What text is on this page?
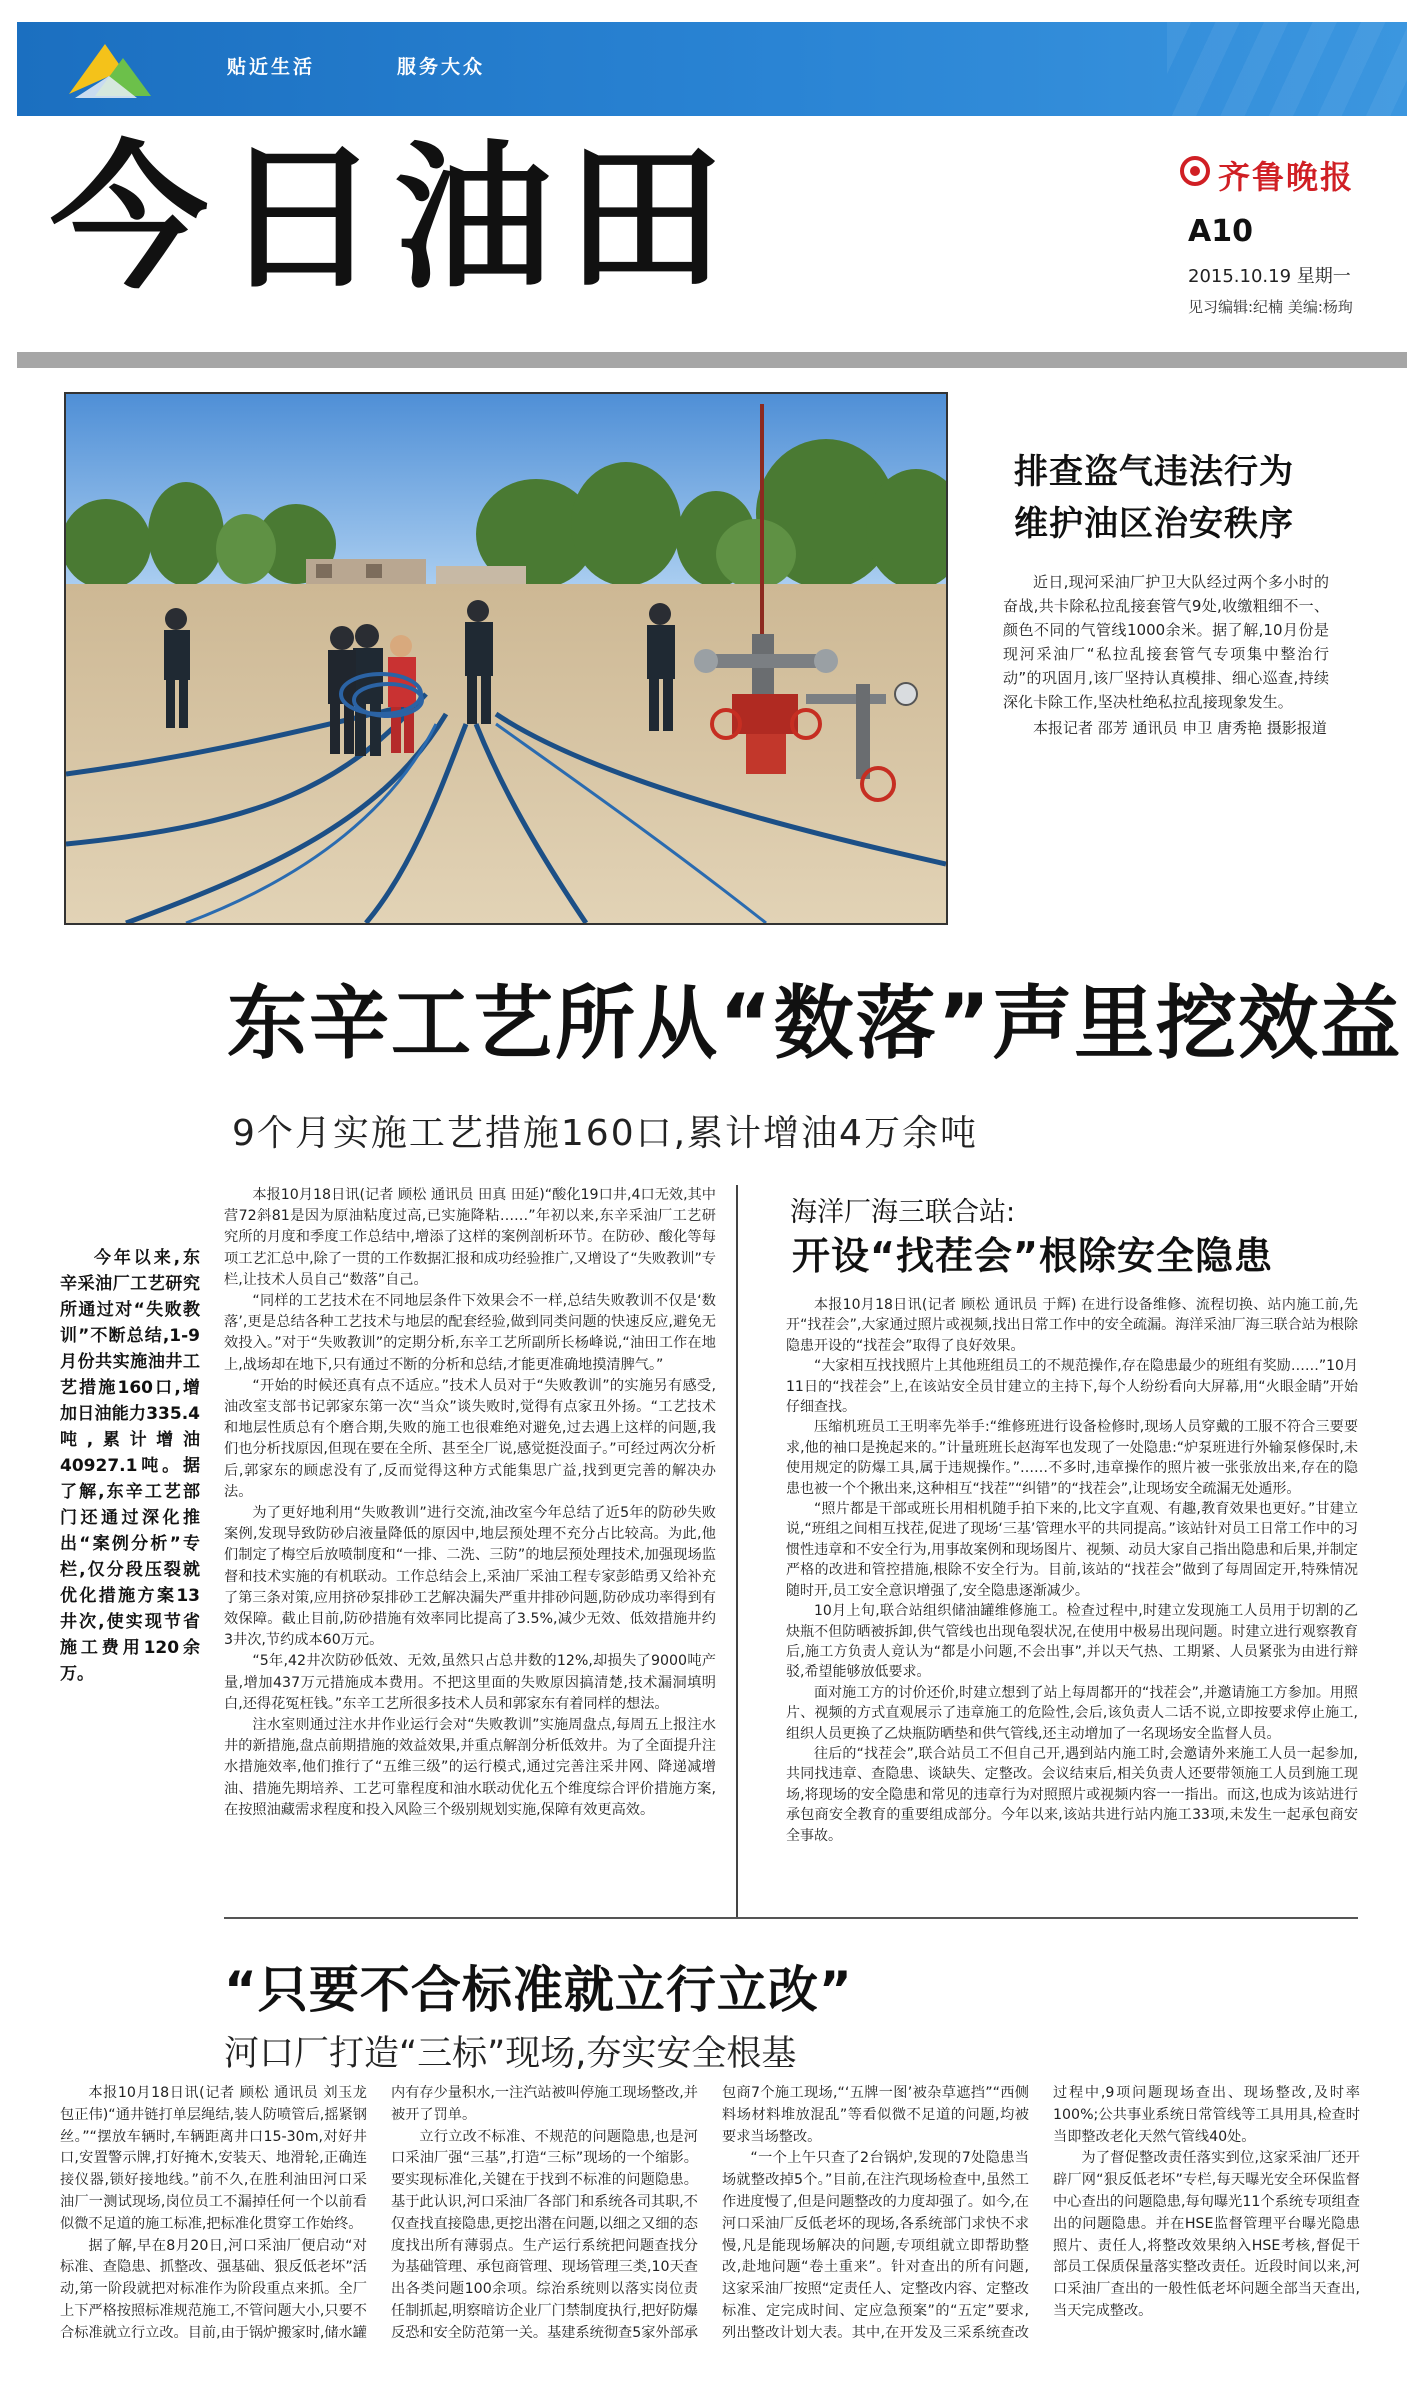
贴近生活	服务大众
今日油田	齐鲁晚报
A10
2015.10.19 星期一
见习编辑:纪楠 美编:杨珣
排查盗气违法行为
维护油区治安秩序

近日,现河采油厂护卫大队经过两个多小时的奋战,共卡除私拉乱接套管气9处,收缴粗细不一、颜色不同的气管线1000余米。据了解,10月份是现河采油厂“私拉乱接套管气专项集中整治行动”的巩固月,该厂坚持认真模排、细心巡查,持续深化卡除工作,坚决杜绝私拉乱接现象发生。

本报记者 邵芳 通讯员 申卫 唐秀艳 摄影报道

东辛工艺所从“数落”声里挖效益
9个月实施工艺措施160口,累计增油4万余吨

今年以来,东辛采油厂工艺研究所通过对“失败教训”不断总结,1-9月份共实施油井工艺措施160口,增加日油能力335.4吨,累计增油40927.1吨。据了解,东辛工艺部门还通过深化推出“案例分析”专栏,仅分段压裂就优化措施方案13井次,使实现节省施工费用120余万。

本报10月18日讯(记者 顾松 通讯员 田真 田延)“酸化19口井,4口无效,其中营72斜81是因为原油粘度过高,已实施降粘……”年初以来,东辛采油厂工艺研究所的月度和季度工作总结中,增添了这样的案例剖析环节。在防砂、酸化等每项工艺汇总中,除了一贯的工作数据汇报和成功经验推广,又增设了“失败教训”专栏,让技术人员自己“数落”自己。

“同样的工艺技术在不同地层条件下效果会不一样,总结失败教训不仅是‘数落’,更是总结各种工艺技术与地层的配套经验,做到同类问题的快速反应,避免无效投入。”对于“失败教训”的定期分析,东辛工艺所副所长杨峰说,“油田工作在地上,战场却在地下,只有通过不断的分析和总结,才能更准确地摸清脾气。”

“开始的时候还真有点不适应。”技术人员对于“失败教训”的实施另有感受,油改室支部书记郭家东第一次“当众”谈失败时,觉得有点家丑外扬。“工艺技术和地层性质总有个磨合期,失败的施工也很难绝对避免,过去遇上这样的问题,我们也分析找原因,但现在要在全所、甚至全厂说,感觉挺没面子。”可经过两次分析后,郭家东的顾虑没有了,反而觉得这种方式能集思广益,找到更完善的解决办法。

为了更好地利用“失败教训”进行交流,油改室今年总结了近5年的防砂失败案例,发现导致防砂启液量降低的原因中,地层预处理不充分占比较高。为此,他们制定了梅空后放喷制度和“一排、二洗、三防”的地层预处理技术,加强现场监督和技术实施的有机联动。工作总结会上,采油厂采油工程专家彭皓勇又给补充了第三条对策,应用挤砂泵排砂工艺解决漏失严重井排砂问题,防砂成功率得到有效保障。截止目前,防砂措施有效率同比提高了3.5%,减少无效、低效措施井约3井次,节约成本60万元。

“5年,42井次防砂低效、无效,虽然只占总井数的12%,却损失了9000吨产量,增加437万元措施成本费用。不把这里面的失败原因搞清楚,技术漏洞填明白,还得花冤枉钱。”东辛工艺所很多技术人员和郭家东有着同样的想法。

注水室则通过注水井作业运行会对“失败教训”实施周盘点,每周五上报注水井的新措施,盘点前期措施的效益效果,并重点解剖分析低效井。为了全面提升注水措施效率,他们推行了“五维三级”的运行模式,通过完善注采井网、降递减增油、措施先期培养、工艺可靠程度和油水联动优化五个维度综合评价措施方案,在按照油藏需求程度和投入风险三个级别规划实施,保障有效更高效。

海洋厂海三联合站:
开设“找茬会”根除安全隐患

本报10月18日讯(记者 顾松 通讯员 于辉) 在进行设备维修、流程切换、站内施工前,先开“找茬会”,大家通过照片或视频,找出日常工作中的安全疏漏。海洋采油厂海三联合站为根除隐患开设的“找茬会”取得了良好效果。

“大家相互找找照片上其他班组员工的不规范操作,存在隐患最少的班组有奖励……”10月11日的“找茬会”上,在该站安全员甘建立的主持下,每个人纷纷看向大屏幕,用“火眼金睛”开始仔细查找。

压缩机班员工王明率先举手:“维修班进行设备检修时,现场人员穿戴的工服不符合三要要求,他的袖口是挽起来的。”计量班班长赵海军也发现了一处隐患:“炉泵班进行外输泵修保时,未使用规定的防爆工具,属于违规操作。”……不多时,违章操作的照片被一张张放出来,存在的隐患也被一个个揪出来,这种相互“找茬”“纠错”的“找茬会”,让现场安全疏漏无处遁形。

“照片都是干部或班长用相机随手拍下来的,比文字直观、有趣,教育效果也更好。”甘建立说,“班组之间相互找茬,促进了现场‘三基’管理水平的共同提高。”该站针对员工日常工作中的习惯性违章和不安全行为,用事故案例和现场图片、视频、动员大家自己指出隐患和后果,并制定严格的改进和管控措施,根除不安全行为。目前,该站的“找茬会”做到了每周固定开,特殊情况随时开,员工安全意识增强了,安全隐患逐渐减少。

10月上旬,联合站组织储油罐维修施工。检查过程中,时建立发现施工人员用于切割的乙炔瓶不但防晒被拆卸,供气管线也出现龟裂状况,在使用中极易出现问题。时建立进行观察教育后,施工方负责人竟认为“都是小问题,不会出事”,并以天气热、工期紧、人员紧张为由进行辩驳,希望能够放低要求。

面对施工方的讨价还价,时建立想到了站上每周都开的“找茬会”,并邀请施工方参加。用照片、视频的方式直观展示了违章施工的危险性,会后,该负责人二话不说,立即按要求停止施工,组织人员更换了乙炔瓶防晒垫和供气管线,还主动增加了一名现场安全监督人员。

往后的“找茬会”,联合站员工不但自己开,遇到站内施工时,会邀请外来施工人员一起参加,共同找违章、查隐患、谈缺失、定整改。会议结束后,相关负责人还要带领施工人员到施工现场,将现场的安全隐患和常见的违章行为对照照片或视频内容一一指出。而这,也成为该站进行承包商安全教育的重要组成部分。今年以来,该站共进行站内施工33项,未发生一起承包商安全事故。

“只要不合标准就立行立改”
河口厂打造“三标”现场,夯实安全根基

本报10月18日讯(记者 顾松 通讯员 刘玉龙 包正伟)“通井链打单层绳结,装人防喷管后,摇紧钢丝。”“摆放车辆时,车辆距离井口15-30m,对好井口,安置警示牌,打好掩木,安装天、地滑轮,正确连接仪器,锁好接地线。”前不久,在胜利油田河口采油厂一测试现场,岗位员工不漏掉任何一个以前看似微不足道的施工标准,把标准化贯穿工作始终。

据了解,早在8月20日,河口采油厂便启动“对标准、查隐患、抓整改、强基础、狠反低老坏”活动,第一阶段就把对标准作为阶段重点来抓。全厂上下严格按照标准规范施工,不管问题大小,只要不合标准就立行立改。目前,由于锅炉搬家时,储水罐内有存少量积水,一注汽站被叫停施工现场整改,并被开了罚单。

立行立改不标准、不规范的问题隐患,也是河口采油厂强“三基”,打造“三标”现场的一个缩影。要实现标准化,关键在于找到不标准的问题隐患。基于此认识,河口采油厂各部门和系统各司其职,不仅查找直接隐患,更挖出潜在问题,以细之又细的态度找出所有薄弱点。生产运行系统把问题查找分为基础管理、承包商管理、现场管理三类,10天查出各类问题100余项。综治系统则以落实岗位责任制抓起,明察暗访企业厂门禁制度执行,把好防爆反恐和安全防范第一关。基建系统彻查5家外部承包商7个施工现场,“‘五牌一图’被杂草遮挡”“西侧料场材料堆放混乱”等看似微不足道的问题,均被要求当场整改。

“一个上午只查了2台锅炉,发现的7处隐患当场就整改掉5个。”目前,在注汽现场检查中,虽然工作进度慢了,但是问题整改的力度却强了。如今,在河口采油厂反低老坏的现场,各系统部门求快不求慢,凡是能现场解决的问题,专项组就立即帮助整改,赴地问题“卷土重来”。针对查出的所有问题,这家采油厂按照“定责任人、定整改内容、定整改标准、定完成时间、定应急预案”的“五定”要求,列出整改计划大表。其中,在开发及三采系统查改过程中,9项问题现场查出、现场整改,及时率100%;公共事业系统日常管线等工具用具,检查时当即整改老化天然气管线40处。

为了督促整改责任落实到位,这家采油厂还开辟厂网“狠反低老坏”专栏,每天曝光安全环保监督中心查出的问题隐患,每旬曝光11个系统专项组查出的问题隐患。并在HSE监督管理平台曝光隐患照片、责任人,将整改效果纳入HSE考核,督促干部员工保质保量落实整改责任。近段时间以来,河口采油厂查出的一般性低老坏问题全部当天查出,当天完成整改。
